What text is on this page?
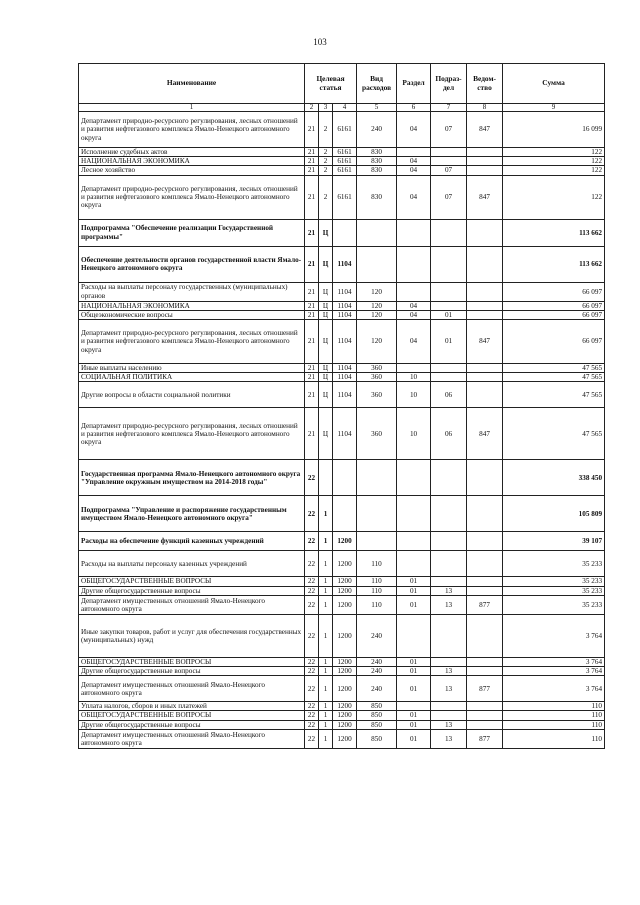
103
Наименование	Целевая статья			Вид расходов	Раздел	Подраз-дел	Ведом-ство	Сумма
1	2	3	4	5	6	7	8	9
Департамент природно-ресурсного регулирования, лесных отношений и развития нефтегазового комплекса Ямало-Ненецкого автономного округа	21	2	6161	240	04	07	847	16 099
Исполнение судебных актов	21	2	6161	830				122
НАЦИОНАЛЬНАЯ ЭКОНОМИКА	21	2	6161	830	04			122
Лесное хозяйство	21	2	6161	830	04	07		122
Департамент природно-ресурсного регулирования, лесных отношений и развития нефтегазового комплекса Ямало-Ненецкого автономного округа	21	2	6161	830	04	07	847	122
Подпрограмма "Обеспечение реализации Государственной программы"	21	Ц						113 662
Обеспечение деятельности органов государственной власти Ямало-Ненецкого автономного округа	21	Ц	1104					113 662
Расходы на выплаты персоналу государственных (муниципальных) органов	21	Ц	1104	120				66 097
НАЦИОНАЛЬНАЯ ЭКОНОМИКА	21	Ц	1104	120	04			66 097
Общеэкономические вопросы	21	Ц	1104	120	04	01		66 097
Департамент природно-ресурсного регулирования, лесных отношений и развития нефтегазового комплекса Ямало-Ненецкого автономного округа	21	Ц	1104	120	04	01	847	66 097
Иные выплаты населению	21	Ц	1104	360				47 565
СОЦИАЛЬНАЯ ПОЛИТИКА	21	Ц	1104	360	10			47 565
Другие вопросы в области социальной политики	21	Ц	1104	360	10	06		47 565
Департамент природно-ресурсного регулирования, лесных отношений и развития нефтегазового комплекса Ямало-Ненецкого автономного округа	21	Ц	1104	360	10	06	847	47 565
Государственная программа Ямало-Ненецкого автономного округа "Управление окружным имуществом на 2014-2018 годы"	22							338 450
Подпрограмма "Управление и распоряжение государственным имуществом Ямало-Ненецкого автономного округа"	22	1						105 809
Расходы на обеспечение функций казенных учреждений	22	1	1200					39 107
Расходы на выплаты персоналу казенных учреждений	22	1	1200	110				35 233
ОБЩЕГОСУДАРСТВЕННЫЕ ВОПРОСЫ	22	1	1200	110	01			35 233
Другие общегосударственные вопросы	22	1	1200	110	01	13		35 233
Департамент имущественных отношений Ямало-Ненецкого автономного округа	22	1	1200	110	01	13	877	35 233
Иные закупки товаров, работ и услуг для обеспечения государственных (муниципальных) нужд	22	1	1200	240				3 764
ОБЩЕГОСУДАРСТВЕННЫЕ ВОПРОСЫ	22	1	1200	240	01			3 764
Другие общегосударственные вопросы	22	1	1200	240	01	13		3 764
Департамент имущественных отношений Ямало-Ненецкого автономного округа	22	1	1200	240	01	13	877	3 764
Уплата налогов, сборов и иных платежей	22	1	1200	850				110
ОБЩЕГОСУДАРСТВЕННЫЕ ВОПРОСЫ	22	1	1200	850	01			110
Другие общегосударственные вопросы	22	1	1200	850	01	13		110
Департамент имущественных отношений Ямало-Ненецкого автономного округа	22	1	1200	850	01	13	877	110
